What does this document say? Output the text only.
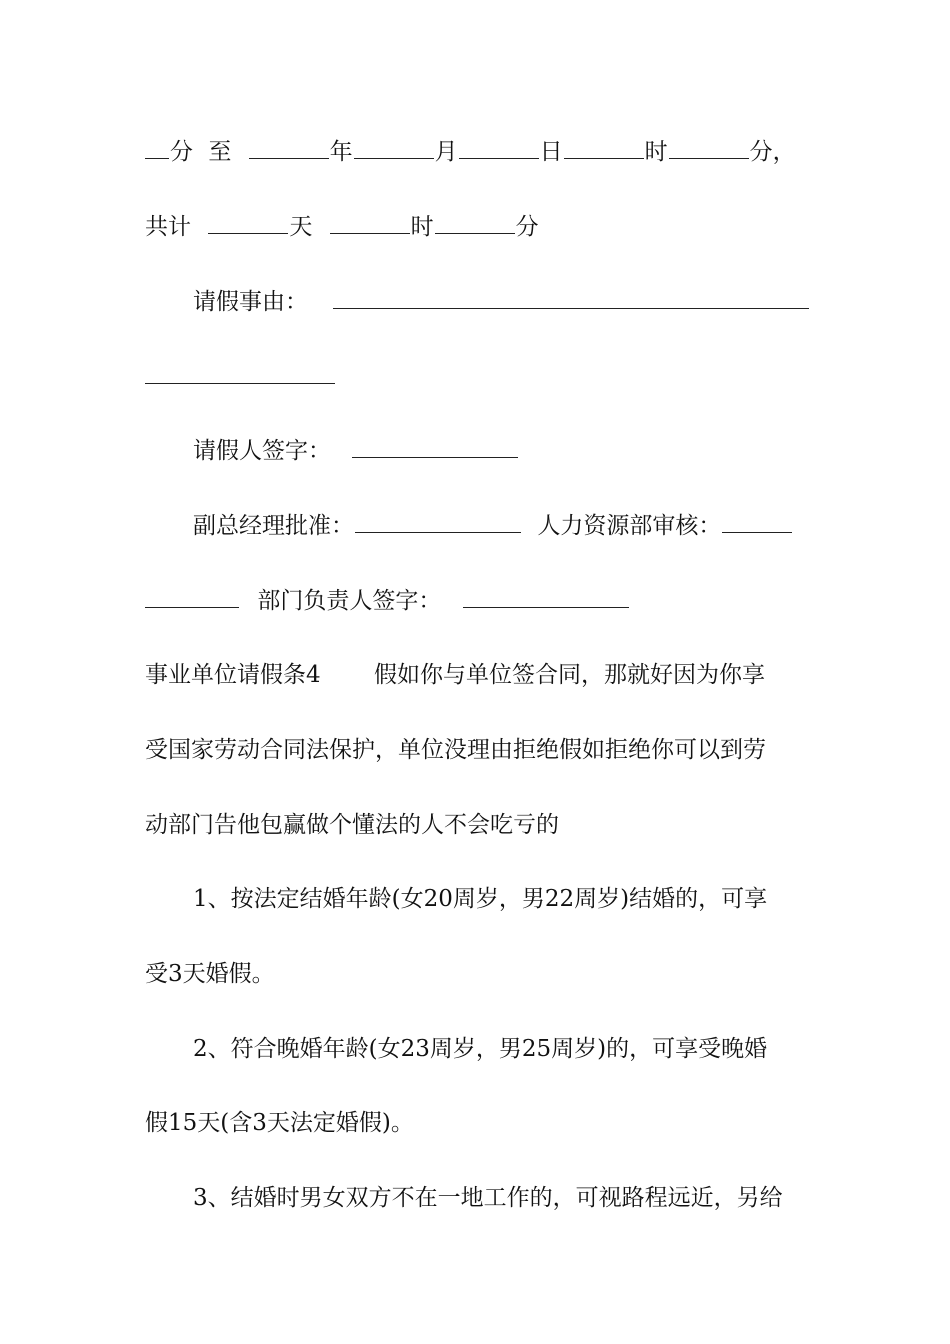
分 至	年	月	日	时	分，
共计	天	时	分
请假事由：
请假人签字：
副总经理批准：	人力资源部审核：
部门负责人签字：
事业单位请假条4 假如你与单位签合同，那就好因为你享
受国家劳动合同法保护，单位没理由拒绝假如拒绝你可以到劳
动部门告他包赢做个懂法的人不会吃亏的
1、按法定结婚年龄(女20周岁，男22周岁)结婚的，可享
受3天婚假。
2、符合晚婚年龄(女23周岁，男25周岁)的，可享受晚婚
假15天(含3天法定婚假)。
3、结婚时男女双方不在一地工作的，可视路程远近，另给
